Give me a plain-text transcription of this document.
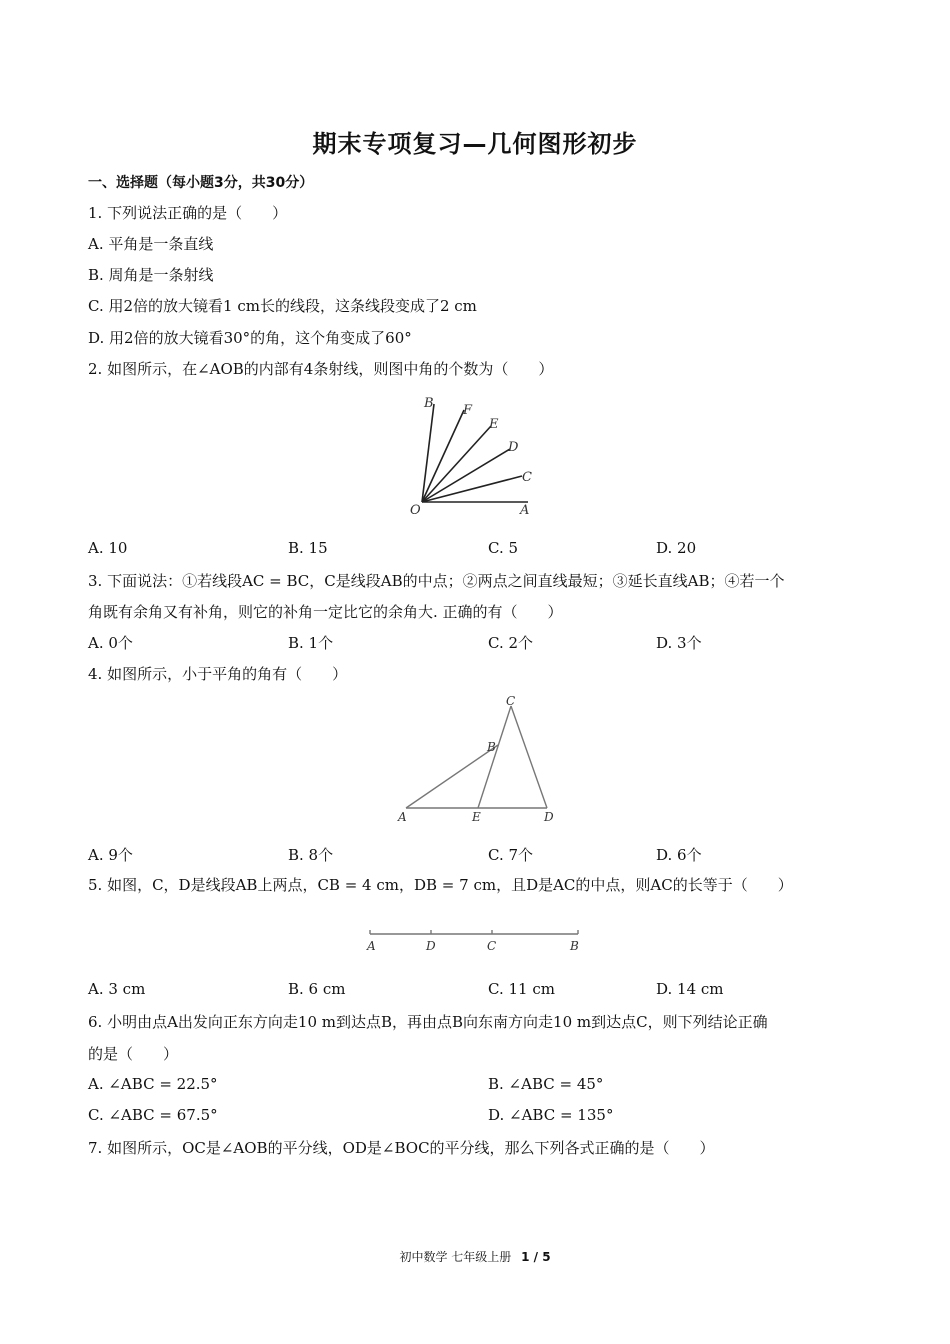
期末专项复习—几何图形初步
一、选择题（每小题3分，共30分）
1. 下列说法正确的是（　　）
A. 平角是一条直线
B. 周角是一条射线
C. 用2倍的放大镜看1 cm长的线段，这条线段变成了2 cm
D. 用2倍的放大镜看30°的角，这个角变成了60°
2. 如图所示，在∠AOB的内部有4条射线，则图中角的个数为（　　）
B F
E
D
C
O	A
A. 10	B. 15	C. 5	D. 20
3. 下面说法：①若线段AC = BC，C是线段AB的中点；②两点之间直线最短；③延长直线AB；④若一个
角既有余角又有补角，则它的补角一定比它的余角大. 正确的有（　　）
A. 0个	B. 1个	C. 2个	D. 3个
4. 如图所示，小于平角的角有（　　）
C
B
A	E	D
A. 9个	B. 8个	C. 7个	D. 6个
5. 如图，C，D是线段AB上两点，CB = 4 cm，DB = 7 cm，且D是AC的中点，则AC的长等于（　　）
A	D	C	B
A. 3 cm	B. 6 cm	C. 11 cm	D. 14 cm
6. 小明由点A出发向正东方向走10 m到达点B，再由点B向东南方向走10 m到达点C，则下列结论正确
的是（　　）
A. ∠ABC = 22.5°	B. ∠ABC = 45°
C. ∠ABC = 67.5°	D. ∠ABC = 135°
7. 如图所示，OC是∠AOB的平分线，OD是∠BOC的平分线，那么下列各式正确的是（　　）
初中数学 七年级上册 1 / 5
